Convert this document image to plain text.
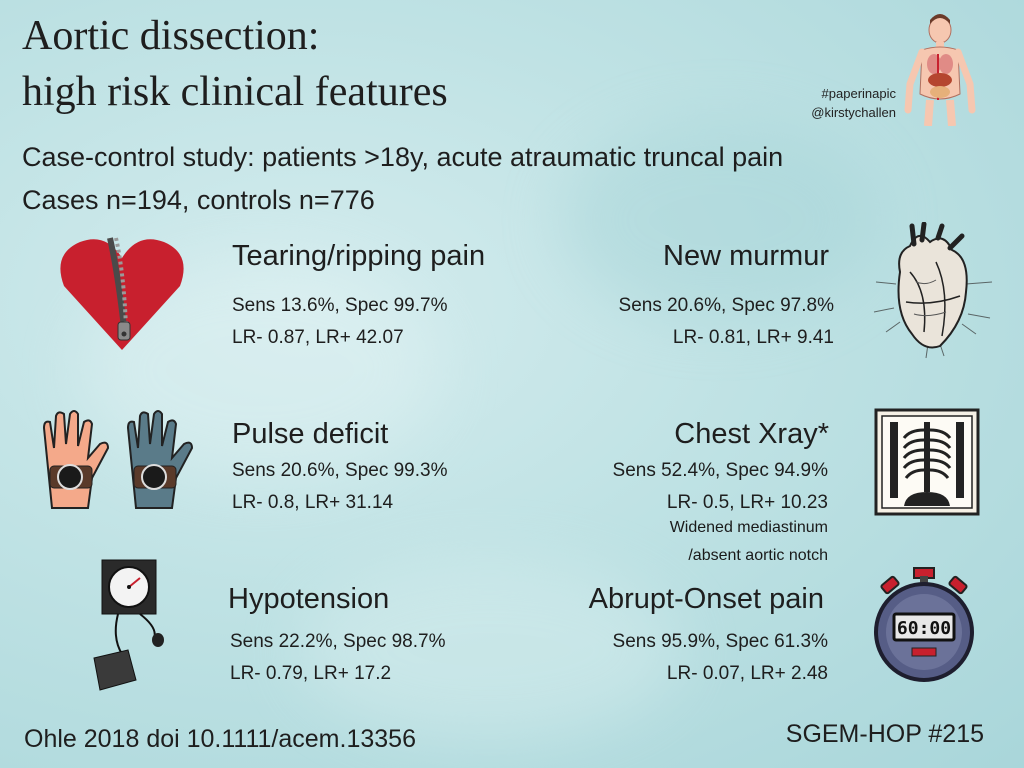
Aortic dissection:
high risk clinical features
Case-control study: patients >18y, acute atraumatic truncal pain
Cases n=194, controls n=776
#paperinapic
@kirstychallen
Tearing/ripping pain
Sens 13.6%, Spec 99.7%
LR- 0.87, LR+ 42.07
New murmur
Sens 20.6%, Spec 97.8%
LR- 0.81, LR+ 9.41
Pulse deficit
Sens 20.6%, Spec 99.3%
LR- 0.8, LR+ 31.14
Chest Xray*
Sens 52.4%, Spec 94.9%
LR- 0.5, LR+ 10.23
Widened mediastinum
/absent aortic notch
Hypotension
Sens 22.2%, Spec 98.7%
LR- 0.79, LR+ 17.2
Abrupt-Onset pain
Sens 95.9%, Spec 61.3%
LR- 0.07, LR+ 2.48
60:00
Ohle 2018 doi 10.1111/acem.13356	SGEM-HOP #215
